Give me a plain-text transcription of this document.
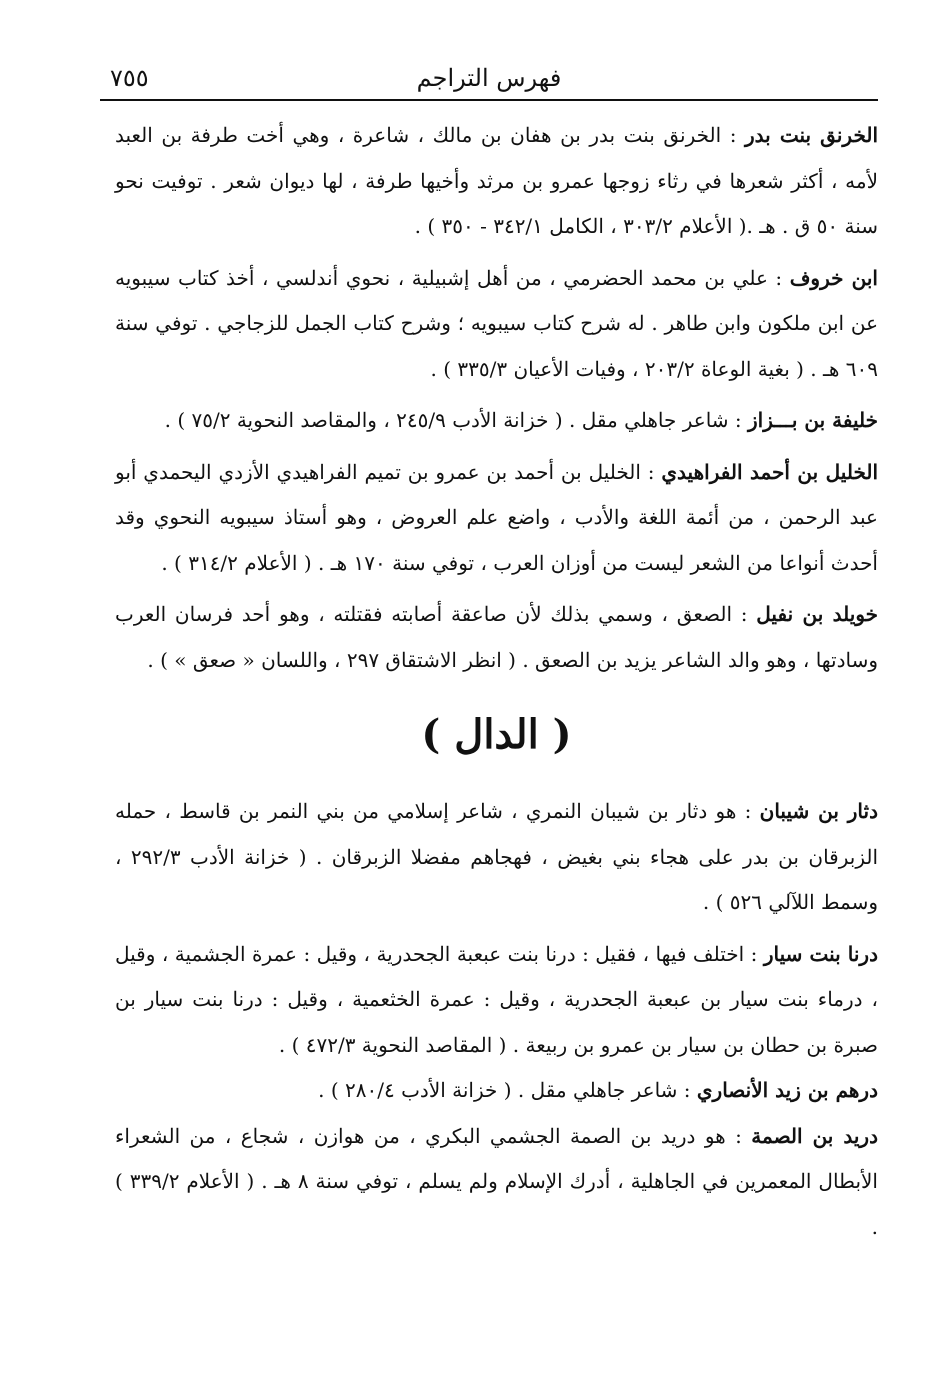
فهرس التراجم
٧٥٥

الخرنق بنت بدر : الخرنق بنت بدر بن هفان بن مالك ، شاعرة ، وهي أخت طرفة بن العبد لأمه ، أكثر شعرها في رثاء زوجها عمرو بن مرثد وأخيها طرفة ، لها ديوان شعر . توفيت نحو سنة ٥٠ ق . هـ .( الأعلام ٣٠٣/٢ ، الكامل ٣٤٢/١ - ٣٥٠ ) .

ابن خروف : علي بن محمد الحضرمي ، من أهل إشبيلية ، نحوي أندلسي ، أخذ كتاب سيبويه عن ابن ملكون وابن طاهر . له شرح كتاب سيبويه ؛ وشرح كتاب الجمل للزجاجي . توفي سنة ٦٠٩ هـ . ( بغية الوعاة ٢٠٣/٢ ، وفيات الأعيان ٣٣٥/٣ ) .

خليفة بن بـــزاز : شاعر جاهلي مقل . ( خزانة الأدب ٢٤٥/٩ ، والمقاصد النحوية ٧٥/٢ ) .

الخليل بن أحمد الفراهيدي : الخليل بن أحمد بن عمرو بن تميم الفراهيدي الأزدي اليحمدي أبو عبد الرحمن ، من أئمة اللغة والأدب ، واضع علم العروض ، وهو أستاذ سيبويه النحوي وقد أحدث أنواعا من الشعر ليست من أوزان العرب ، توفي سنة ١٧٠ هـ . ( الأعلام ٣١٤/٢ ) .

خويلد بن نفيل : الصعق ، وسمي بذلك لأن صاعقة أصابته فقتلته ، وهو أحد فرسان العرب وسادتها ، وهو والد الشاعر يزيد بن الصعق . ( انظر الاشتقاق ٢٩٧ ، واللسان « صعق » ) .

( الدال )

دثار بن شيبان : هو دثار بن شيبان النمري ، شاعر إسلامي من بني النمر بن قاسط ، حمله الزبرقان بن بدر على هجاء بني بغيض ، فهجاهم مفضلا الزبرقان . ( خزانة الأدب ٢٩٢/٣ ، وسمط اللآلي ٥٢٦ ) .

درنا بنت سيار : اختلف فيها ، فقيل : درنا بنت عبعبة الجحدرية ، وقيل : عمرة الجشمية ، وقيل ، درماء بنت سيار بن عبعبة الجحدرية ، وقيل : عمرة الخثعمية ، وقيل : درنا بنت سيار بن صبرة بن حطان بن سيار بن عمرو بن ربيعة . ( المقاصد النحوية ٤٧٢/٣ ) .

درهم بن زيد الأنصاري : شاعر جاهلي مقل . ( خزانة الأدب ٢٨٠/٤ ) .

دريد بن الصمة : هو دريد بن الصمة الجشمي البكري ، من هوازن ، شجاع ، من الشعراء الأبطال المعمرين في الجاهلية ، أدرك الإسلام ولم يسلم ، توفي سنة ٨ هـ . ( الأعلام ٣٣٩/٢ ) .
